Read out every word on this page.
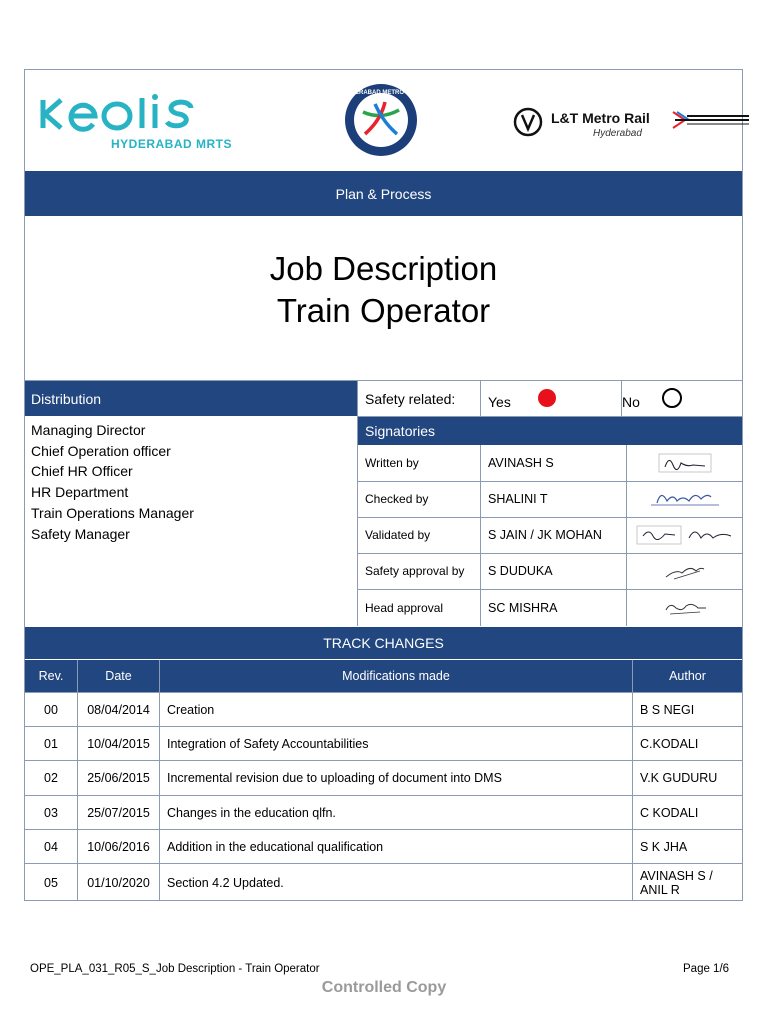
HYDERABAD MRTS
HYDERABAD METRO RAIL
L&T Metro Rail
Hyderabad
Plan & Process
Job Description
Train Operator
Distribution
Managing Director
Chief Operation officer
Chief HR Officer
HR Department
Train Operations Manager
Safety Manager
Safety related:	Yes	No
Signatories
Written by	AVINASH S
Checked by	SHALINI T
Validated by	S JAIN / JK MOHAN
Safety approval by	S DUDUKA
Head approval	SC MISHRA
TRACK CHANGES
Rev.	Date	Modifications made	Author
00	08/04/2014	Creation	B S NEGI
01	10/04/2015	Integration of Safety Accountabilities	C.KODALI
02	25/06/2015	Incremental revision due to uploading of document into DMS	V.K GUDURU
03	25/07/2015	Changes in the education qlfn.	C KODALI
04	10/06/2016	Addition in the educational qualification	S K JHA
05	01/10/2020	Section 4.2 Updated.	AVINASH S /
ANIL R
OPE_PLA_031_R05_S_Job Description - Train Operator	Page 1/6
Controlled Copy
